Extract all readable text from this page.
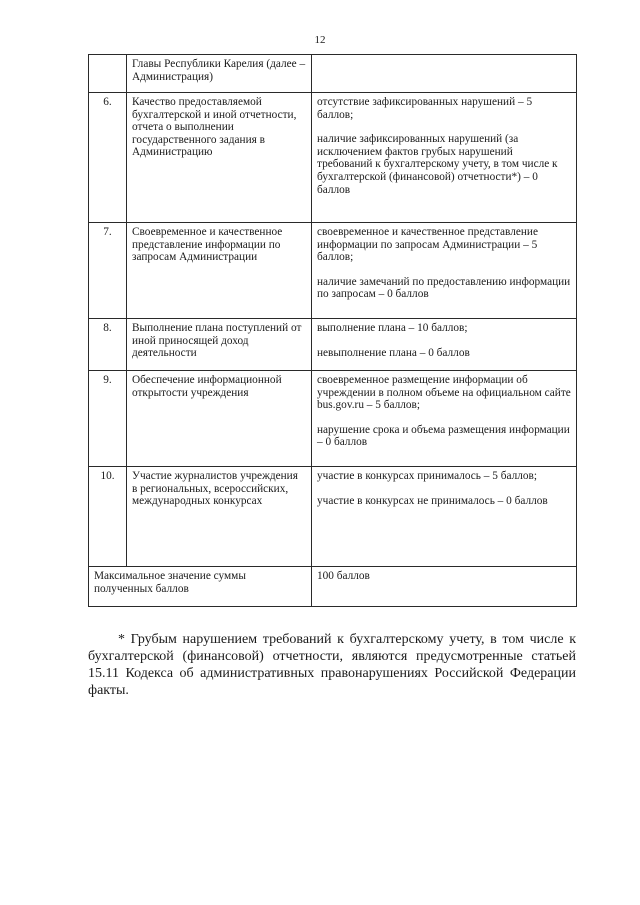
12
	Главы Республики Карелия (далее – Администрация)	
6.	Качество предоставляемой бухгалтерской и иной отчетности, отчета о выполнении государственного задания в Администрацию	отсутствие зафиксированных нарушений – 5 баллов;

наличие зафиксированных нарушений (за исключением фактов грубых нарушений требований к бухгалтерскому учету, в том числе к бухгалтерской (финансовой) отчетности*) – 0 баллов

7.	Своевременное и качественное представление информации по запросам Администрации	своевременное и качественное представление информации по запросам Администрации – 5 баллов;

наличие замечаний по предоставлению информации по запросам – 0 баллов

8.	Выполнение плана поступлений от иной приносящей доход деятельности	выполнение плана – 10 баллов;

невыполнение плана – 0 баллов

9.	Обеспечение информационной открытости учреждения	своевременное размещение информации об учреждении в полном объеме на официальном сайте bus.gov.ru – 5 баллов;

нарушение срока и объема размещения информации – 0 баллов

10.	Участие журналистов учреждения в региональных, всероссийских, международных конкурсах	участие в конкурсах принималось – 5 баллов;

участие в конкурсах не принималось – 0 баллов

Максимальное значение суммы полученных баллов		100 баллов

* Грубым нарушением требований к бухгалтерскому учету, в том числе к бухгалтерской (финансовой) отчетности, являются предусмотренные статьей 15.11 Кодекса об административных правонарушениях Российской Федерации факты.
